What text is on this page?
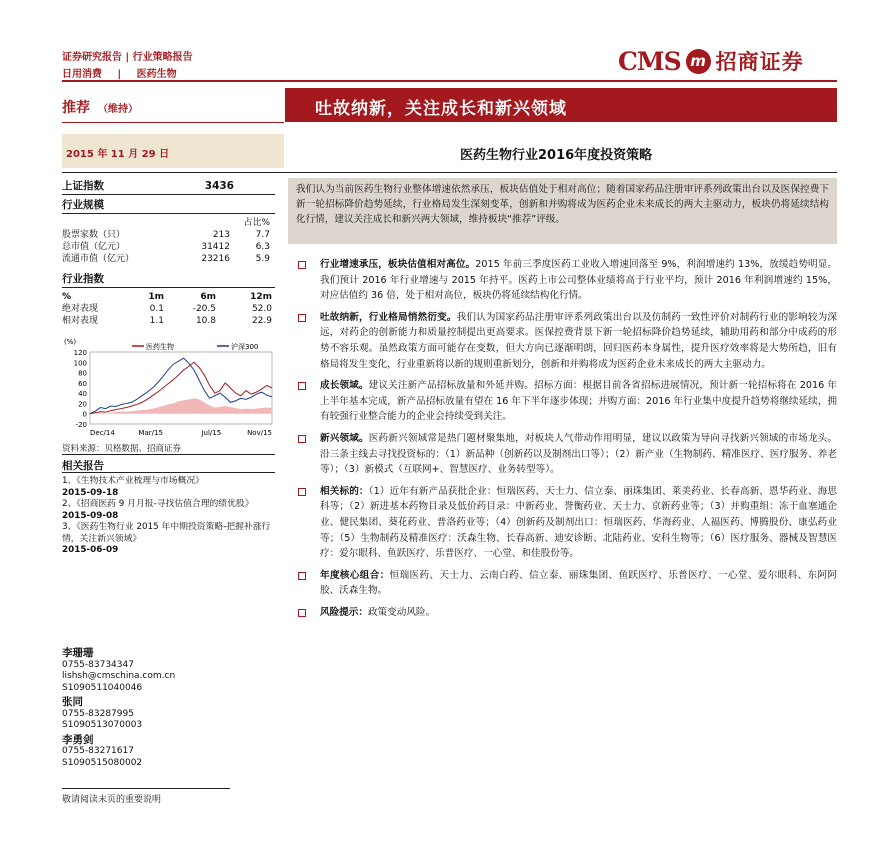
证券研究报告 | 行业策略报告
日用消费 | 医药生物	CMS m 招商证券
推荐 （维持）	吐故纳新，关注成长和新兴领域
2015 年 11 月 29 日	医药生物行业2016年度投资策略
上证指数	3436
行业规模
占比%
股票家数（只）	213	7.7
总市值（亿元）	31412	6.3
流通市值（亿元）	23216	5.9
行业指数
%	1m	6m	12m
绝对表现	0.1	-20.5	52.0
相对表现	1.1	10.8	22.9
120
100
80
60
40
20
0
-20
(%)
医药生物	沪深300
Dec/14	Mar/15	Jul/15	Nov/15
资料来源：贝格数据、招商证券
相关报告
1、《生物技术产业梳理与市场概况》
2015-09-18
2、《招商医药 9 月月报-寻找估值合理的绩优股》
2015-09-08
3、《医药生物行业 2015 年中期投资策略-把握补涨行情，关注新兴领域》
2015-06-09
李珊珊
0755-83734347
lishsh@cmschina.com.cn
S1090511040046
张同
0755-83287995
S1090513070003
李勇剑
0755-83271617
S1090515080002
敬请阅读末页的重要说明
我们认为当前医药生物行业整体增速依然承压，板块估值处于相对高位；随着国家药品注册审评系列政策出台以及医保控费下新一轮招标降价趋势延续，行业格局发生深刻变革，创新和并购将成为医药企业未来成长的两大主驱动力，板块仍将延续结构化行情，建议关注成长和新兴两大领域，维持板块“推荐”评级。
行业增速承压，板块估值相对高位。2015 年前三季度医药工业收入增速回落至 9%，利润增速约 13%，放缓趋势明显。我们预计 2016 年行业增速与 2015 年持平。医药上市公司整体业绩将高于行业平均，预计 2016 年利润增速约 15%，对应估值约 36 倍，处于相对高位，板块仍将延续结构化行情。
吐故纳新，行业格局悄然衍变。我们认为国家药品注册审评系列政策出台以及仿制药一致性评价对制药行业的影响较为深远，对药企的创新能力和质量控制提出更高要求。医保控费背景下新一轮招标降价趋势延续，辅助用药和部分中成药的形势不容乐观。虽然政策方面可能存在变数，但大方向已逐渐明朗，回归医药本身属性，提升医疗效率将是大势所趋，旧有格局将发生变化，行业重新将以新的规则重新划分，创新和并购将成为医药企业未来成长的两大主驱动力。
成长领域。建议关注新产品招标放量和外延并购。招标方面：根据目前各省招标进展情况，预计新一轮招标将在 2016 年上半年基本完成，新产品招标放量有望在 16 年下半年逐步体现；并购方面：2016 年行业集中度提升趋势将继续延续，拥有较强行业整合能力的企业会持续受到关注。
新兴领域。医药新兴领域常是热门题材聚集地，对板块人气带动作用明显，建议以政策为导向寻找新兴领域的市场龙头。沿三条主线去寻找投资标的：（1）新品种（创新药以及制剂出口等）；（2）新产业（生物制药、精准医疗、医疗服务、养老等）；（3）新模式（互联网+、智慧医疗、业务转型等）。
相关标的：（1）近年有新产品获批企业：恒瑞医药、天士力、信立泰、丽珠集团、莱美药业、长春高新、恩华药业、海思科等；（2）新进基本药物目录及低价药目录：中新药业、誉衡药业、天士力、京新药业等；（3）并购重组：冻干血塞通企业、健民集团、葵花药业、普洛药业等；（4）创新药及制剂出口：恒瑞医药、华海药业、人福医药、博腾股份、康弘药业等；（5）生物制药及精准医疗：沃森生物、长春高新、迪安诊断、北陆药业、安科生物等；（6）医疗服务、器械及智慧医疗：爱尔眼科、鱼跃医疗、乐普医疗、一心堂、和佳股份等。
年度核心组合：恒瑞医药、天士力、云南白药、信立泰、丽珠集团、鱼跃医疗、乐普医疗、一心堂、爱尔眼科、东阿阿胶、沃森生物。
风险提示：政策变动风险。
